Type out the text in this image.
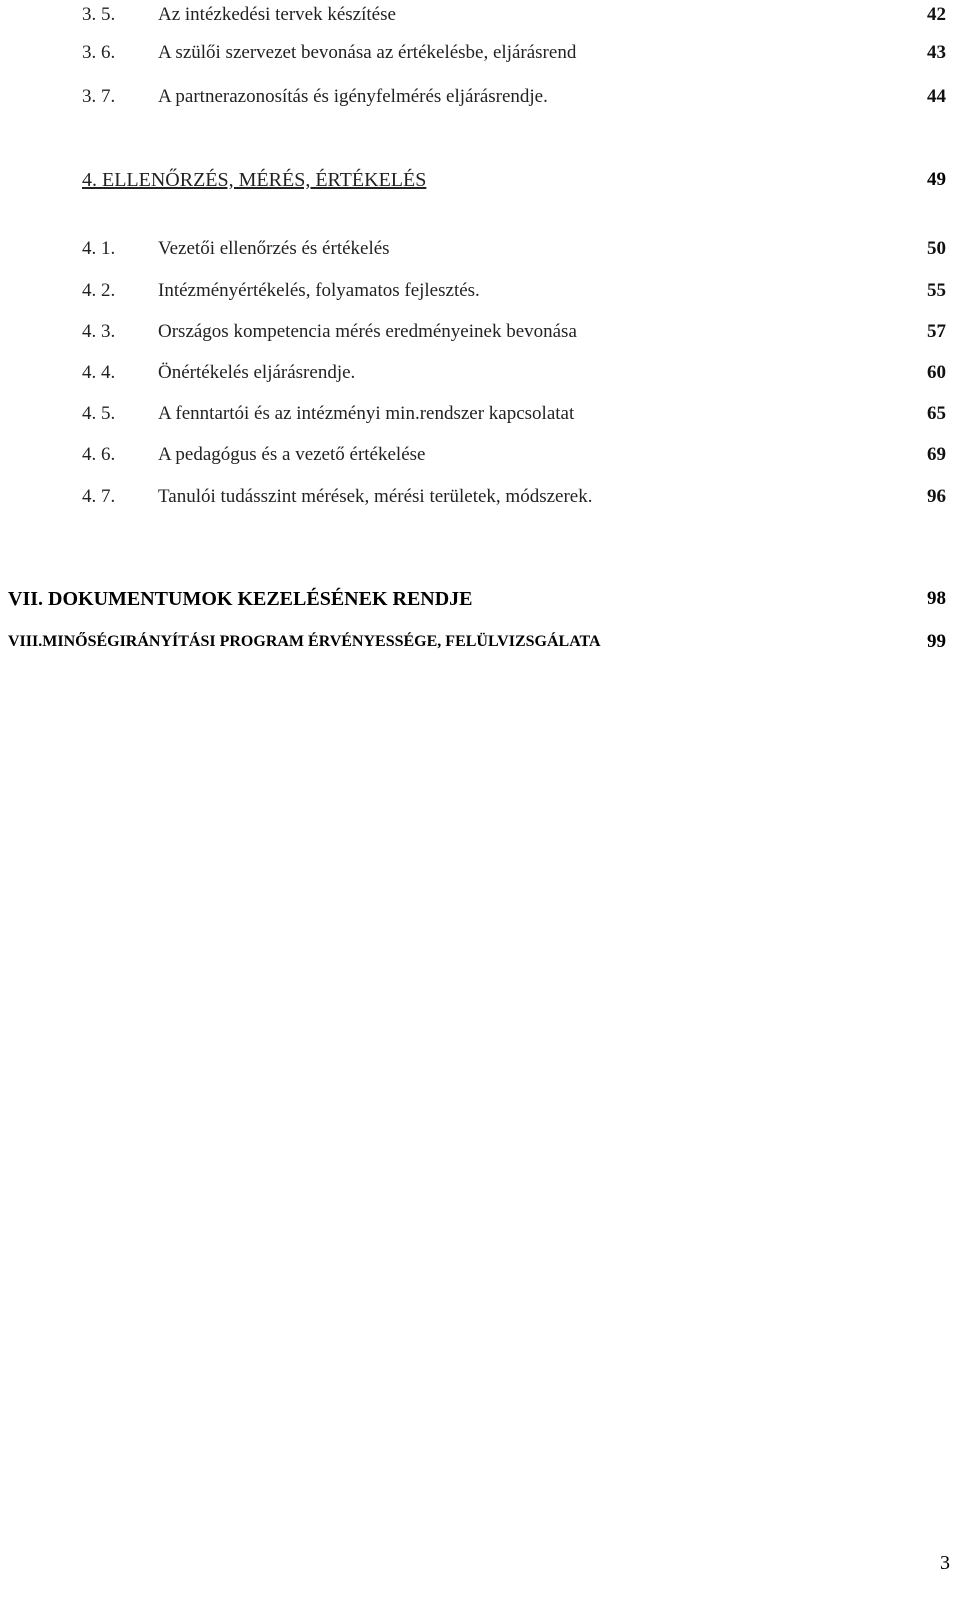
3. 5. Az intézkedési tervek készítése	42
3. 6. A szülői szervezet bevonása az értékelésbe, eljárásrend	43
3. 7. A partnerazonosítás és igényfelmérés eljárásrendje.	44
4. ELLENŐRZÉS, MÉRÉS, ÉRTÉKELÉS	49
4. 1. Vezetői ellenőrzés és értékelés	50
4. 2. Intézményértékelés, folyamatos fejlesztés.	55
4. 3. Országos kompetencia mérés eredményeinek bevonása	57
4. 4. Önértékelés eljárásrendje.	60
4. 5. A fenntartói és az intézményi min.rendszer kapcsolatat	65
4. 6. A pedagógus és a vezető értékelése	69
4. 7. Tanulói tudásszint mérések, mérési területek, módszerek.	96
VII. DOKUMENTUMOK KEZELÉSÉNEK RENDJE	98
VIII.MINŐSÉGIRÁNYÍTÁSI PROGRAM ÉRVÉNYESSÉGE, FELÜLVIZSGÁLATA	99
3
